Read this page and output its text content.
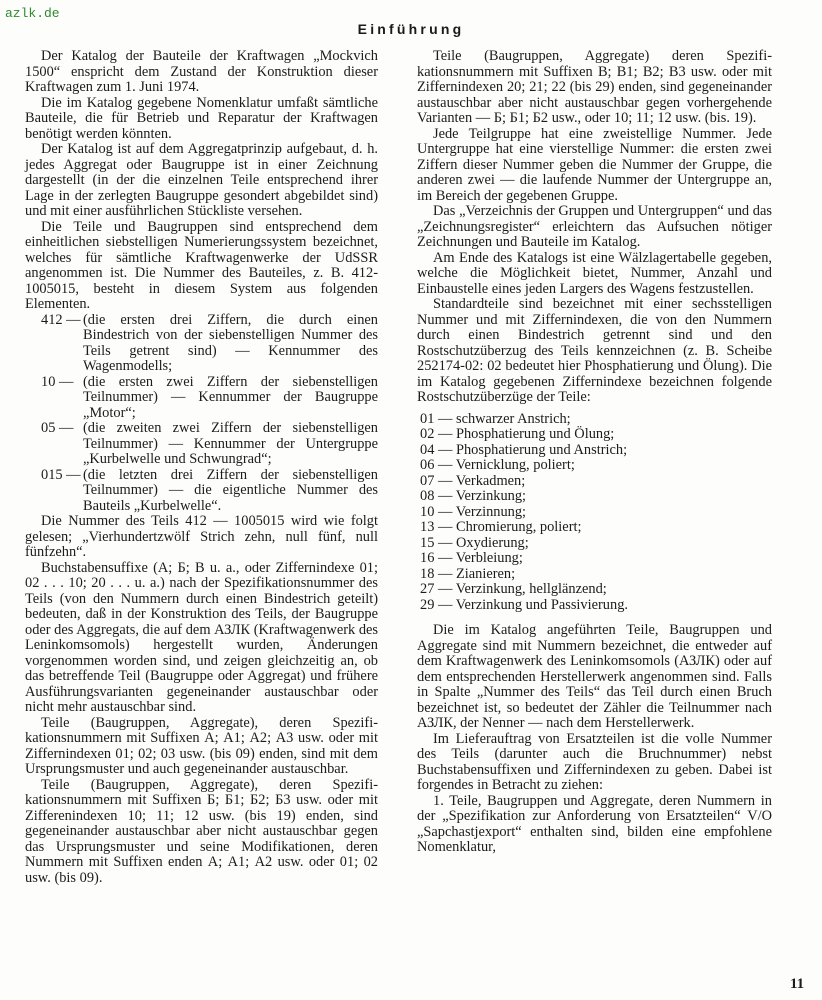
azlk.de
Einführung

Der Katalog der Bauteile der Kraftwagen „Mockvich 1500“ enspricht dem Zustand der Konstruktion dieser Kraftwagen zum 1. Juni 1974.

Die im Katalog gegebene Nomenklatur umfaßt sämtliche Bauteile, die für Betrieb und Reparatur der Kraftwagen benötigt werden könnten.

Der Katalog ist auf dem Aggregatprinzip aufgebaut, d. h. jedes Aggregat oder Baugruppe ist in einer Zeichnung dargestellt (in der die einzelnen Teile entsprechend ihrer Lage in der zerlegten Baugruppe gesondert abgebildet sind) und mit einer ausführlichen Stückliste versehen.

Die Teile und Baugruppen sind entsprechend dem einheitlichen siebstelligen Numerierungssystem bezeichnet, welches für sämtliche Kraftwagenwerke der UdSSR angenommen ist. Die Nummer des Bauteiles, z. B. 412-1005015, besteht in diesem System aus folgenden Elementen.

412 — (die ersten drei Ziffern, die durch einen Bindestrich von der siebenstelligen Nummer des Teils getrent sind) — Kennummer des Wagenmodells;
10 — (die ersten zwei Ziffern der siebenstelligen Teilnummer) — Kennummer der Baugruppe „Motor“;
05 — (die zweiten zwei Ziffern der siebenstelligen Teilnummer) — Kennummer der Untergruppe „Kurbelwelle und Schwungrad“;
015 — (die letzten drei Ziffern der siebenstelligen Teilnummer) — die eigentliche Nummer des Bauteils „Kurbelwelle“.

Die Nummer des Teils 412 — 1005015 wird wie folgt gelesen; „Vierhundertzwölf Strich zehn, null fünf, null fünfzehn“.

Buchstabensuffixe (А; Б; В u. a., oder Ziffernindexe 01; 02 . . . 10; 20 . . . u. a.) nach der Spezifikationsnummer des Teils (von den Nummern durch einen Bindestrich geteilt) bedeuten, daß in der Konstruktion des Teils, der Baugruppe oder des Aggregats, die auf dem АЗЛК (Kraftwagenwerk des Leninkomsomols) hergestellt wurden, Änderungen vorgenommen worden sind, und zeigen gleichzeitig an, ob das betreffende Teil (Baugruppe oder Aggregat) und frühere Ausführungsvarianten gegeneinander austauschbar oder nicht mehr austauschbar sind.

Teile (Baugruppen, Aggregate), deren Spezifikationsnummern mit Suffixen А; А1; А2; А3 usw. oder mit Ziffernindexen 01; 02; 03 usw. (bis 09) enden, sind mit dem Ursprungsmuster und auch gegeneinander austauschbar.

Teile (Baugruppen, Aggregate), deren Spezifikationsnummern mit Suffixen Б; Б1; Б2; Б3 usw. oder mit Zifferenindexen 10; 11; 12 usw. (bis 19) enden, sind gegeneinander austauschbar aber nicht austauschbar gegen das Ursprungsmuster und seine Modifikationen, deren Nummern mit Suffixen enden А; А1; А2 usw. oder 01; 02 usw. (bis 09).

Teile (Baugruppen, Aggregate) deren Spezifikationsnummern mit Suffixen В; В1; В2; В3 usw. oder mit Ziffernindexen 20; 21; 22 (bis 29) enden, sind gegeneinander austauschbar aber nicht austauschbar gegen vorhergehende Varianten — Б; Б1; Б2 usw., oder 10; 11; 12 usw. (bis. 19).

Jede Teilgruppe hat eine zweistellige Nummer. Jede Untergruppe hat eine vierstellige Nummer: die ersten zwei Ziffern dieser Nummer geben die Nummer der Gruppe, die anderen zwei — die laufende Nummer der Untergruppe an, im Bereich der gegebenen Gruppe.

Das „Verzeichnis der Gruppen und Untergruppen“ und das „Zeichnungsregister“ erleichtern das Aufsuchen nötiger Zeichnungen und Bauteile im Katalog.

Am Ende des Katalogs ist eine Wälzlagertabelle gegeben, welche die Möglichkeit bietet, Nummer, Anzahl und Einbaustelle eines jeden Largers des Wagens festzustellen.

Standardteile sind bezeichnet mit einer sechsstelligen Nummer und mit Ziffernindexen, die von den Nummern durch einen Bindestrich getrennt sind und den Rostschutzüberzug des Teils kennzeichnen (z. B. Scheibe 252174-02: 02 bedeutet hier Phosphatierung und Ölung). Die im Katalog gegebenen Ziffernindexe bezeichnen folgende Rostschutzüberzüge der Teile:

01 — schwarzer Anstrich;
02 — Phosphatierung und Ölung;
04 — Phosphatierung und Anstrich;
06 — Vernicklung, poliert;
07 — Verkadmen;
08 — Verzinkung;
10 — Verzinnung;
13 — Chromierung, poliert;
15 — Oxydierung;
16 — Verbleiung;
18 — Zianieren;
27 — Verzinkung, hellglänzend;
29 — Verzinkung und Passivierung.

Die im Katalog angeführten Teile, Baugruppen und Aggregate sind mit Nummern bezeichnet, die entweder auf dem Kraftwagenwerk des Leninkomsomols (АЗЛК) oder auf dem entsprechenden Herstellerwerk angenommen sind. Falls in Spalte „Nummer des Teils“ das Teil durch einen Bruch bezeichnet ist, so bedeutet der Zähler die Teilnummer nach АЗЛК, der Nenner — nach dem Herstellerwerk.

Im Lieferauftrag von Ersatzteilen ist die volle Nummer des Teils (darunter auch die Bruchnummer) nebst Buchstabensuffixen und Ziffernindexen zu geben. Dabei ist forgendes in Betracht zu ziehen:

1. Teile, Baugruppen und Aggregate, deren Nummern in der „Spezifikation zur Anforderung von Ersatzteilen“ V/O „Sapchastjexport“ enthalten sind, bilden eine empfohlene Nomenklatur,

11
